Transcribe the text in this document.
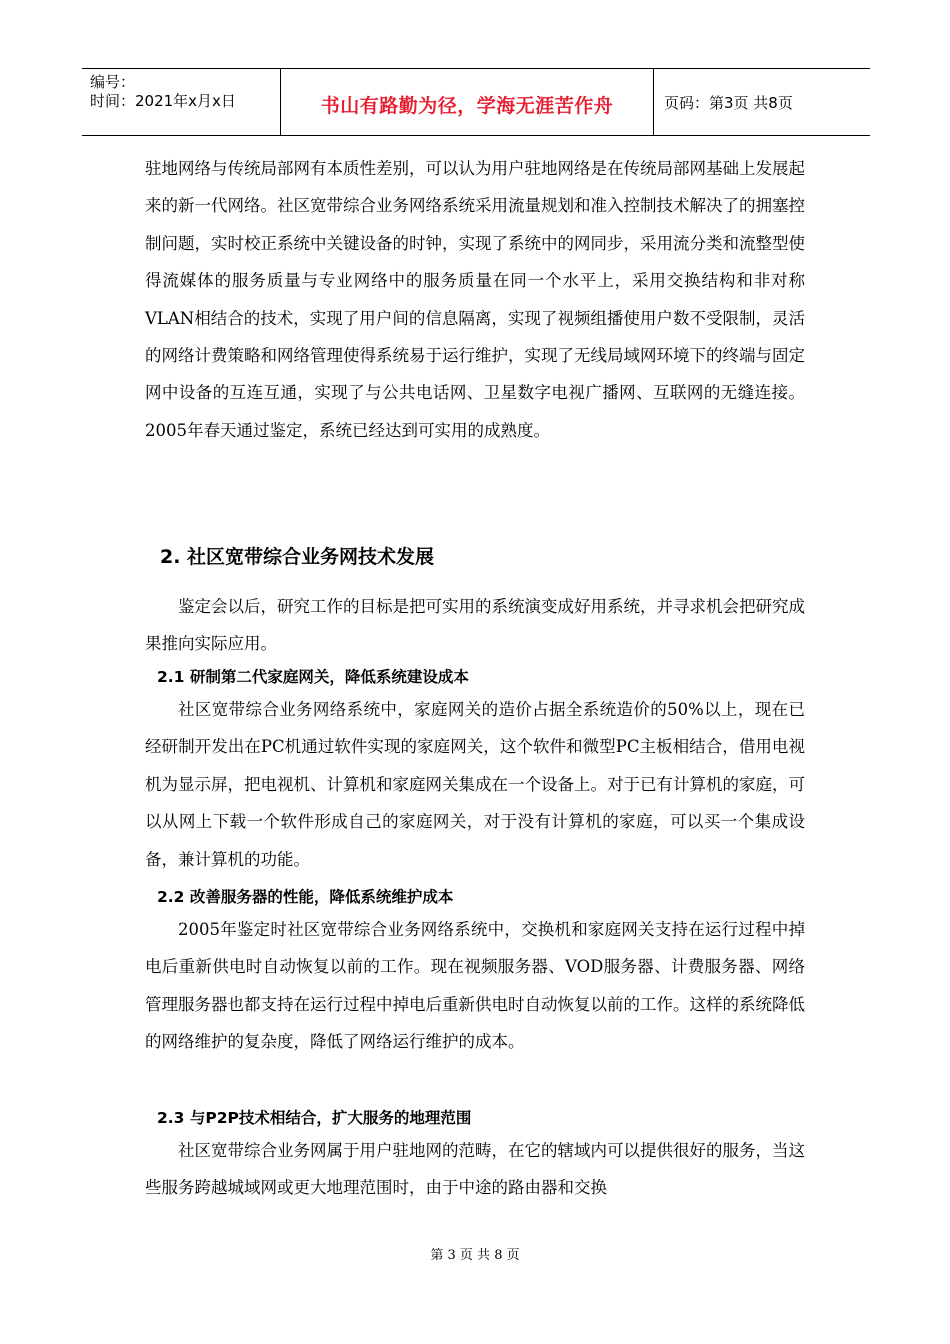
编号：
时间：2021年x月x日	书山有路勤为径，学海无涯苦作舟	页码：第3页 共8页

驻地网络与传统局部网有本质性差别，可以认为用户驻地网络是在传统局部网基础上发展起来的新一代网络。社区宽带综合业务网络系统采用流量规划和准入控制技术解决了的拥塞控制问题，实时校正系统中关键设备的时钟，实现了系统中的网同步，采用流分类和流整型使得流媒体的服务质量与专业网络中的服务质量在同一个水平上，采用交换结构和非对称VLAN相结合的技术，实现了用户间的信息隔离，实现了视频组播使用户数不受限制，灵活的网络计费策略和网络管理使得系统易于运行维护，实现了无线局域网环境下的终端与固定网中设备的互连互通，实现了与公共电话网、卫星数字电视广播网、互联网的无缝连接。2005年春天通过鉴定，系统已经达到可实用的成熟度。

2. 社区宽带综合业务网技术发展

鉴定会以后，研究工作的目标是把可实用的系统演变成好用系统，并寻求机会把研究成果推向实际应用。

2.1 研制第二代家庭网关，降低系统建设成本

社区宽带综合业务网络系统中，家庭网关的造价占据全系统造价的50%以上，现在已经研制开发出在PC机通过软件实现的家庭网关，这个软件和微型PC主板相结合，借用电视机为显示屏，把电视机、计算机和家庭网关集成在一个设备上。对于已有计算机的家庭，可以从网上下载一个软件形成自己的家庭网关，对于没有计算机的家庭，可以买一个集成设备，兼计算机的功能。

2.2 改善服务器的性能，降低系统维护成本

2005年鉴定时社区宽带综合业务网络系统中，交换机和家庭网关支持在运行过程中掉电后重新供电时自动恢复以前的工作。现在视频服务器、VOD服务器、计费服务器、网络管理服务器也都支持在运行过程中掉电后重新供电时自动恢复以前的工作。这样的系统降低的网络维护的复杂度，降低了网络运行维护的成本。

2.3 与P2P技术相结合，扩大服务的地理范围

社区宽带综合业务网属于用户驻地网的范畴，在它的辖域内可以提供很好的服务，当这些服务跨越城域网或更大地理范围时，由于中途的路由器和交换

第 3 页 共 8 页
